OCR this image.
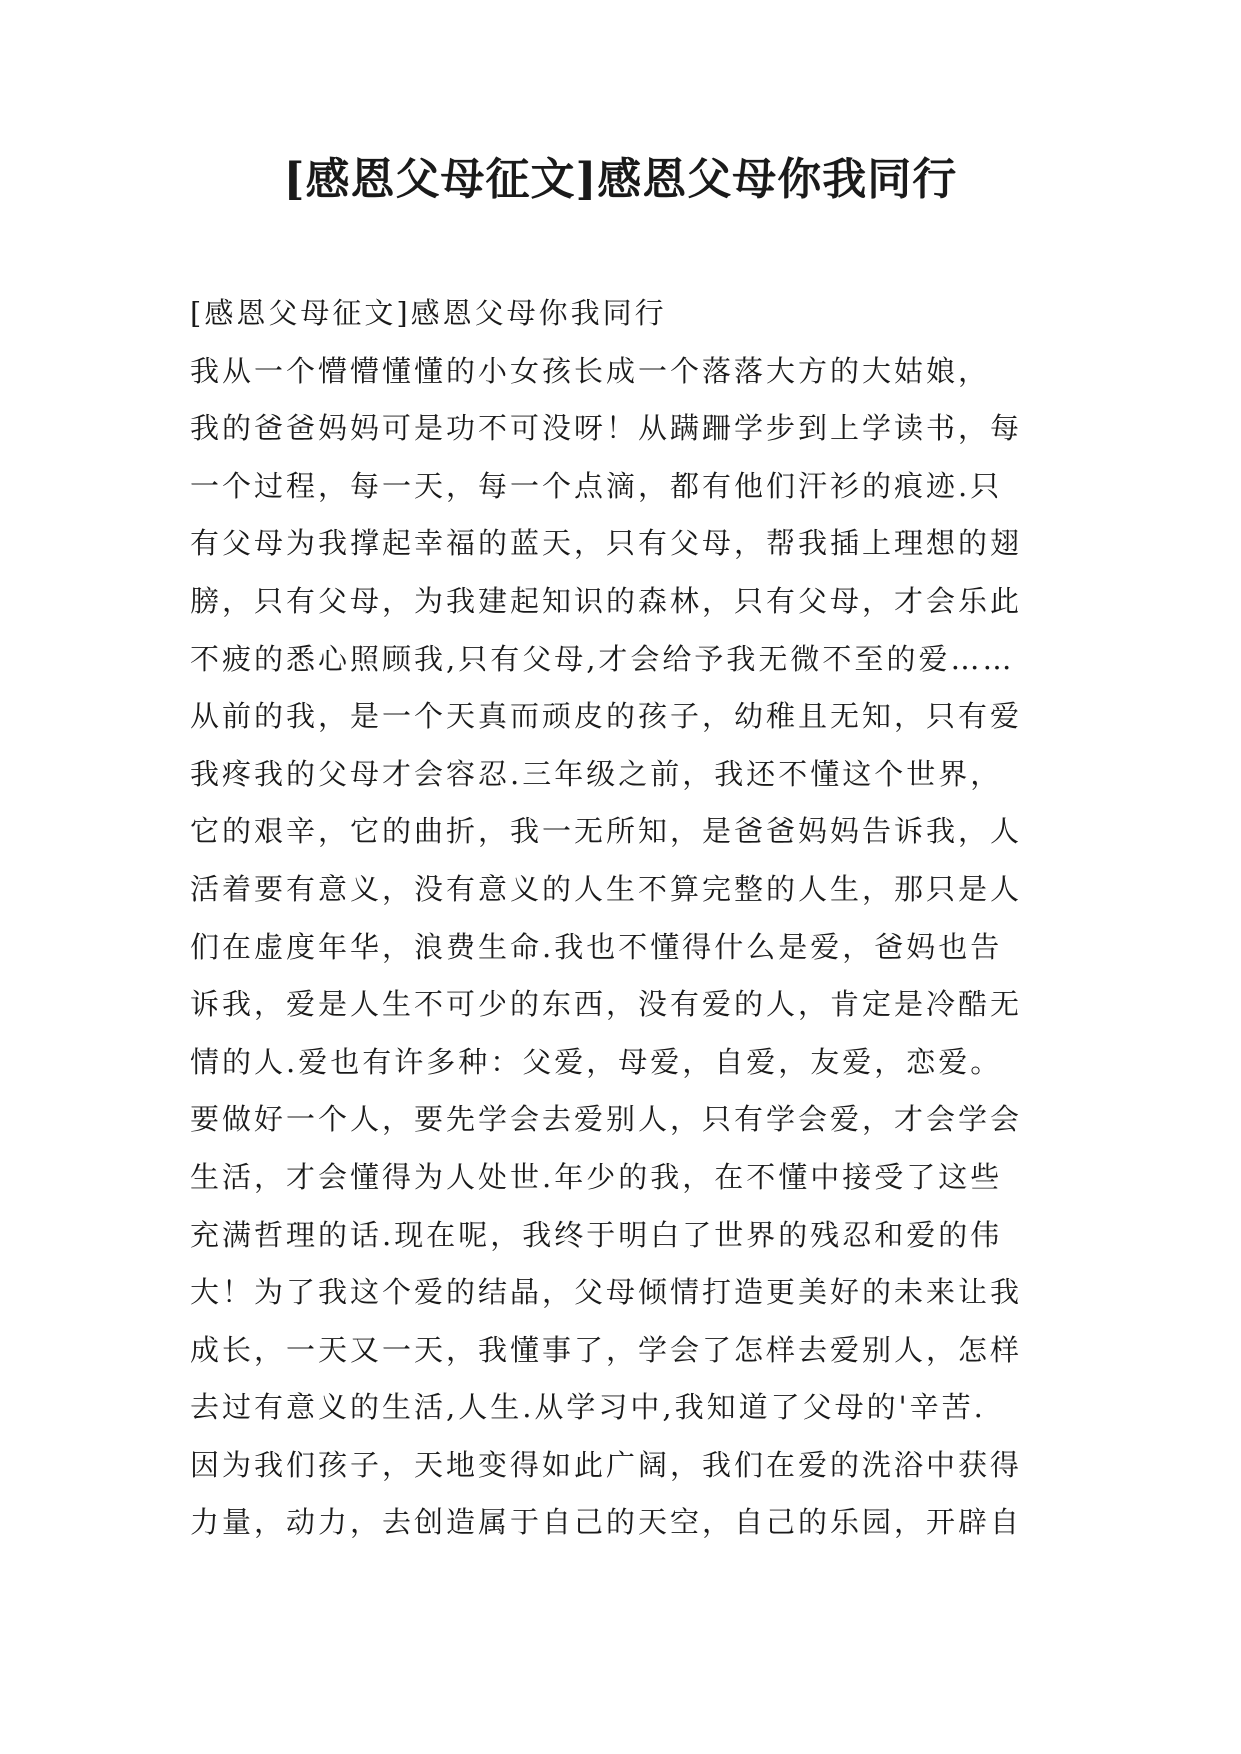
[感恩父母征文]感恩父母你我同行
[感恩父母征文]感恩父母你我同行
我从一个懵懵懂懂的小女孩长成一个落落大方的大姑娘，
我的爸爸妈妈可是功不可没呀！从蹒跚学步到上学读书，每
一个过程，每一天，每一个点滴，都有他们汗衫的痕迹.只
有父母为我撑起幸福的蓝天，只有父母，帮我插上理想的翅
膀，只有父母，为我建起知识的森林，只有父母，才会乐此
不疲的悉心照顾我,只有父母,才会给予我无微不至的爱……
从前的我，是一个天真而顽皮的孩子，幼稚且无知，只有爱
我疼我的父母才会容忍.三年级之前，我还不懂这个世界，
它的艰辛，它的曲折，我一无所知，是爸爸妈妈告诉我，人
活着要有意义，没有意义的人生不算完整的人生，那只是人
们在虚度年华，浪费生命.我也不懂得什么是爱，爸妈也告
诉我，爱是人生不可少的东西，没有爱的人，肯定是冷酷无
情的人.爱也有许多种：父爱，母爱，自爱，友爱，恋爱。
要做好一个人，要先学会去爱别人，只有学会爱，才会学会
生活，才会懂得为人处世.年少的我，在不懂中接受了这些
充满哲理的话.现在呢，我终于明白了世界的残忍和爱的伟
大！为了我这个爱的结晶，父母倾情打造更美好的未来让我
成长，一天又一天，我懂事了，学会了怎样去爱别人，怎样
去过有意义的生活,人生.从学习中,我知道了父母的'辛苦.
因为我们孩子，天地变得如此广阔，我们在爱的洗浴中获得
力量，动力，去创造属于自己的天空，自己的乐园，开辟自
